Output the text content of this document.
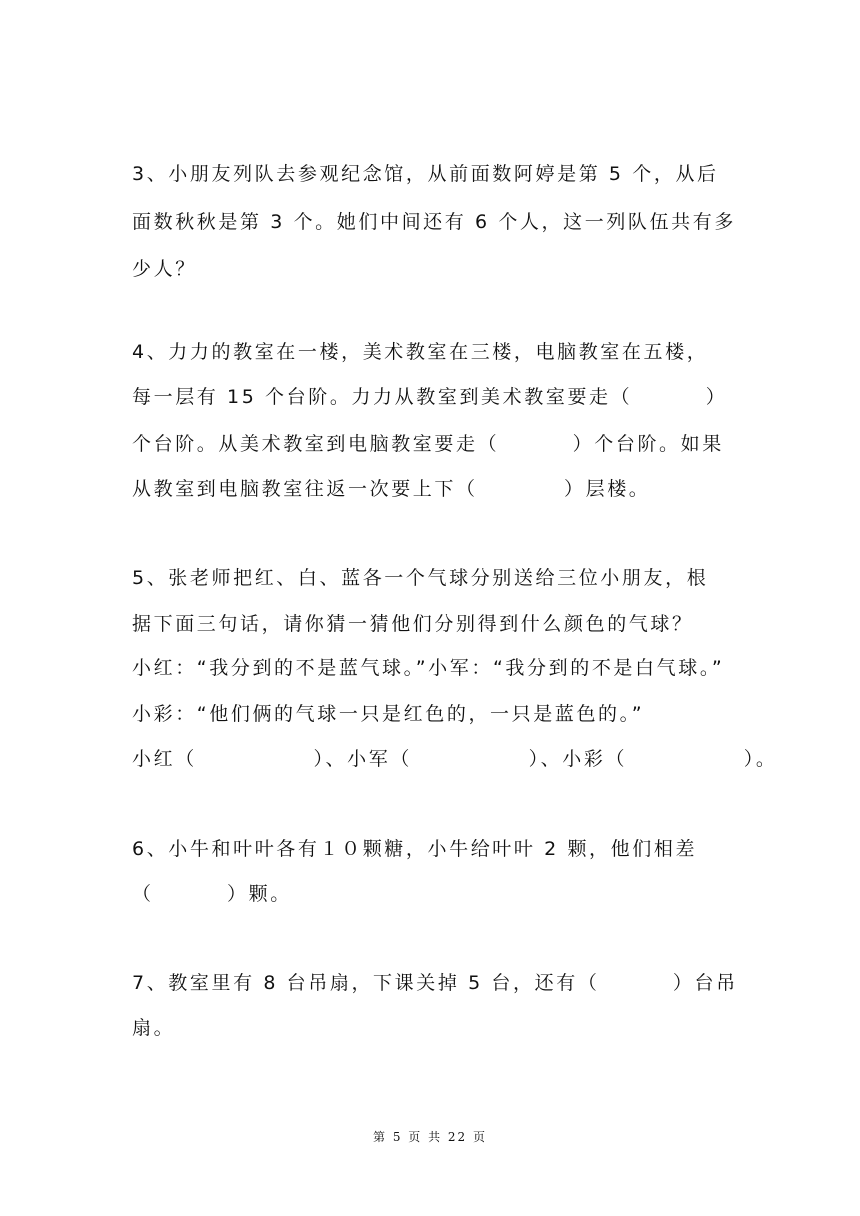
3、小朋友列队去参观纪念馆，从前面数阿婷是第 5 个，从后
面数秋秋是第 3 个。她们中间还有 6 个人，这一列队伍共有多
少人？
4、力力的教室在一楼，美术教室在三楼，电脑教室在五楼，
每一层有 15 个台阶。力力从教室到美术教室要走（　　　 ）
个台阶。从美术教室到电脑教室要走（　　　 ）个台阶。如果
从教室到电脑教室往返一次要上下（　　　　）层楼。
5、张老师把红、白、蓝各一个气球分别送给三位小朋友，根
据下面三句话，请你猜一猜他们分别得到什么颜色的气球？
小红：“我分到的不是蓝气球。”小军：“我分到的不是白气球。”
小彩：“他们俩的气球一只是红色的，一只是蓝色的。”
小红（　　　　　 ）、小军（　　　　　 ）、小彩（　　　　　 ）。
6、小牛和叶叶各有１０颗糖，小牛给叶叶 2 颗，他们相差
（　　　 ）颗。
7、教室里有 8 台吊扇，下课关掉 5 台，还有（　　　 ）台吊
扇。
第 5 页 共 22 页
